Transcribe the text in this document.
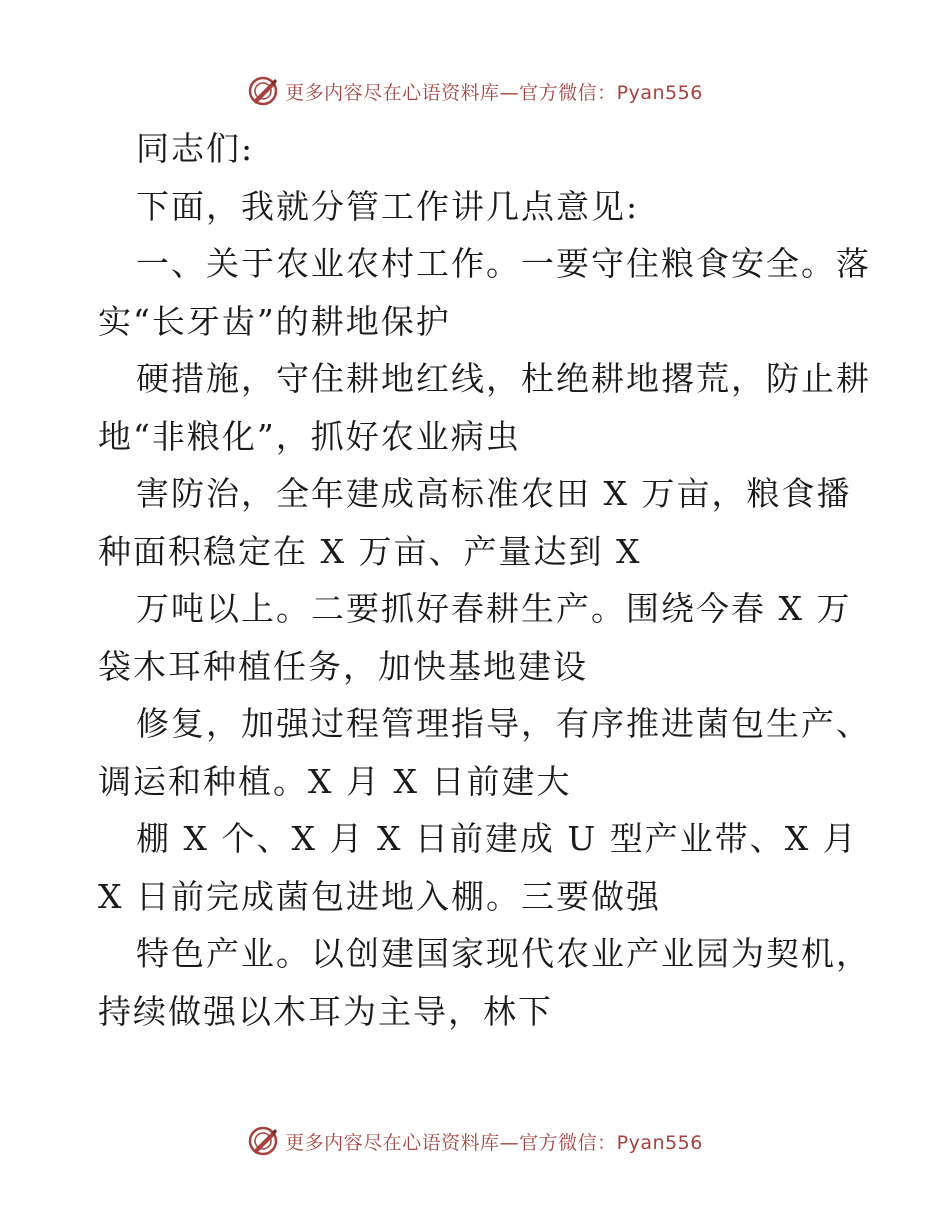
更多内容尽在心语资料库—官方微信：Pyan556
同志们:
下面，我就分管工作讲几点意见:
一、关于农业农村工作。一要守住粮食安全。落
实“长牙齿”的耕地保护
硬措施，守住耕地红线，杜绝耕地撂荒，防止耕
地“非粮化”，抓好农业病虫
害防治，全年建成高标准农田 X 万亩，粮食播
种面积稳定在 X 万亩、产量达到 X
万吨以上。二要抓好春耕生产。围绕今春 X 万
袋木耳种植任务，加快基地建设
修复，加强过程管理指导，有序推进菌包生产、
调运和种植。X 月 X 日前建大
棚 X 个、X 月 X 日前建成 U 型产业带、X 月
X 日前完成菌包进地入棚。三要做强
特色产业。以创建国家现代农业产业园为契机，
持续做强以木耳为主导，林下
更多内容尽在心语资料库—官方微信：Pyan556
